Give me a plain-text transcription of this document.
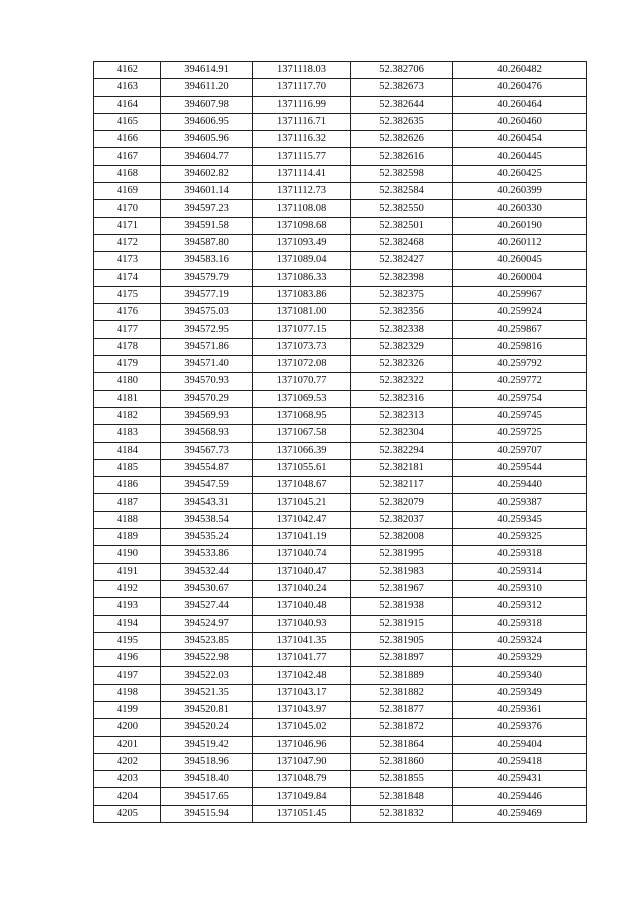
4162	394614.91	1371118.03	52.382706	40.260482
4163	394611.20	1371117.70	52.382673	40.260476
4164	394607.98	1371116.99	52.382644	40.260464
4165	394606.95	1371116.71	52.382635	40.260460
4166	394605.96	1371116.32	52.382626	40.260454
4167	394604.77	1371115.77	52.382616	40.260445
4168	394602.82	1371114.41	52.382598	40.260425
4169	394601.14	1371112.73	52.382584	40.260399
4170	394597.23	1371108.08	52.382550	40.260330
4171	394591.58	1371098.68	52.382501	40.260190
4172	394587.80	1371093.49	52.382468	40.260112
4173	394583.16	1371089.04	52.382427	40.260045
4174	394579.79	1371086.33	52.382398	40.260004
4175	394577.19	1371083.86	52.382375	40.259967
4176	394575.03	1371081.00	52.382356	40.259924
4177	394572.95	1371077.15	52.382338	40.259867
4178	394571.86	1371073.73	52.382329	40.259816
4179	394571.40	1371072.08	52.382326	40.259792
4180	394570.93	1371070.77	52.382322	40.259772
4181	394570.29	1371069.53	52.382316	40.259754
4182	394569.93	1371068.95	52.382313	40.259745
4183	394568.93	1371067.58	52.382304	40.259725
4184	394567.73	1371066.39	52.382294	40.259707
4185	394554.87	1371055.61	52.382181	40.259544
4186	394547.59	1371048.67	52.382117	40.259440
4187	394543.31	1371045.21	52.382079	40.259387
4188	394538.54	1371042.47	52.382037	40.259345
4189	394535.24	1371041.19	52.382008	40.259325
4190	394533.86	1371040.74	52.381995	40.259318
4191	394532.44	1371040.47	52.381983	40.259314
4192	394530.67	1371040.24	52.381967	40.259310
4193	394527.44	1371040.48	52.381938	40.259312
4194	394524.97	1371040.93	52.381915	40.259318
4195	394523.85	1371041.35	52.381905	40.259324
4196	394522.98	1371041.77	52.381897	40.259329
4197	394522.03	1371042.48	52.381889	40.259340
4198	394521.35	1371043.17	52.381882	40.259349
4199	394520.81	1371043.97	52.381877	40.259361
4200	394520.24	1371045.02	52.381872	40.259376
4201	394519.42	1371046.96	52.381864	40.259404
4202	394518.96	1371047.90	52.381860	40.259418
4203	394518.40	1371048.79	52.381855	40.259431
4204	394517.65	1371049.84	52.381848	40.259446
4205	394515.94	1371051.45	52.381832	40.259469
